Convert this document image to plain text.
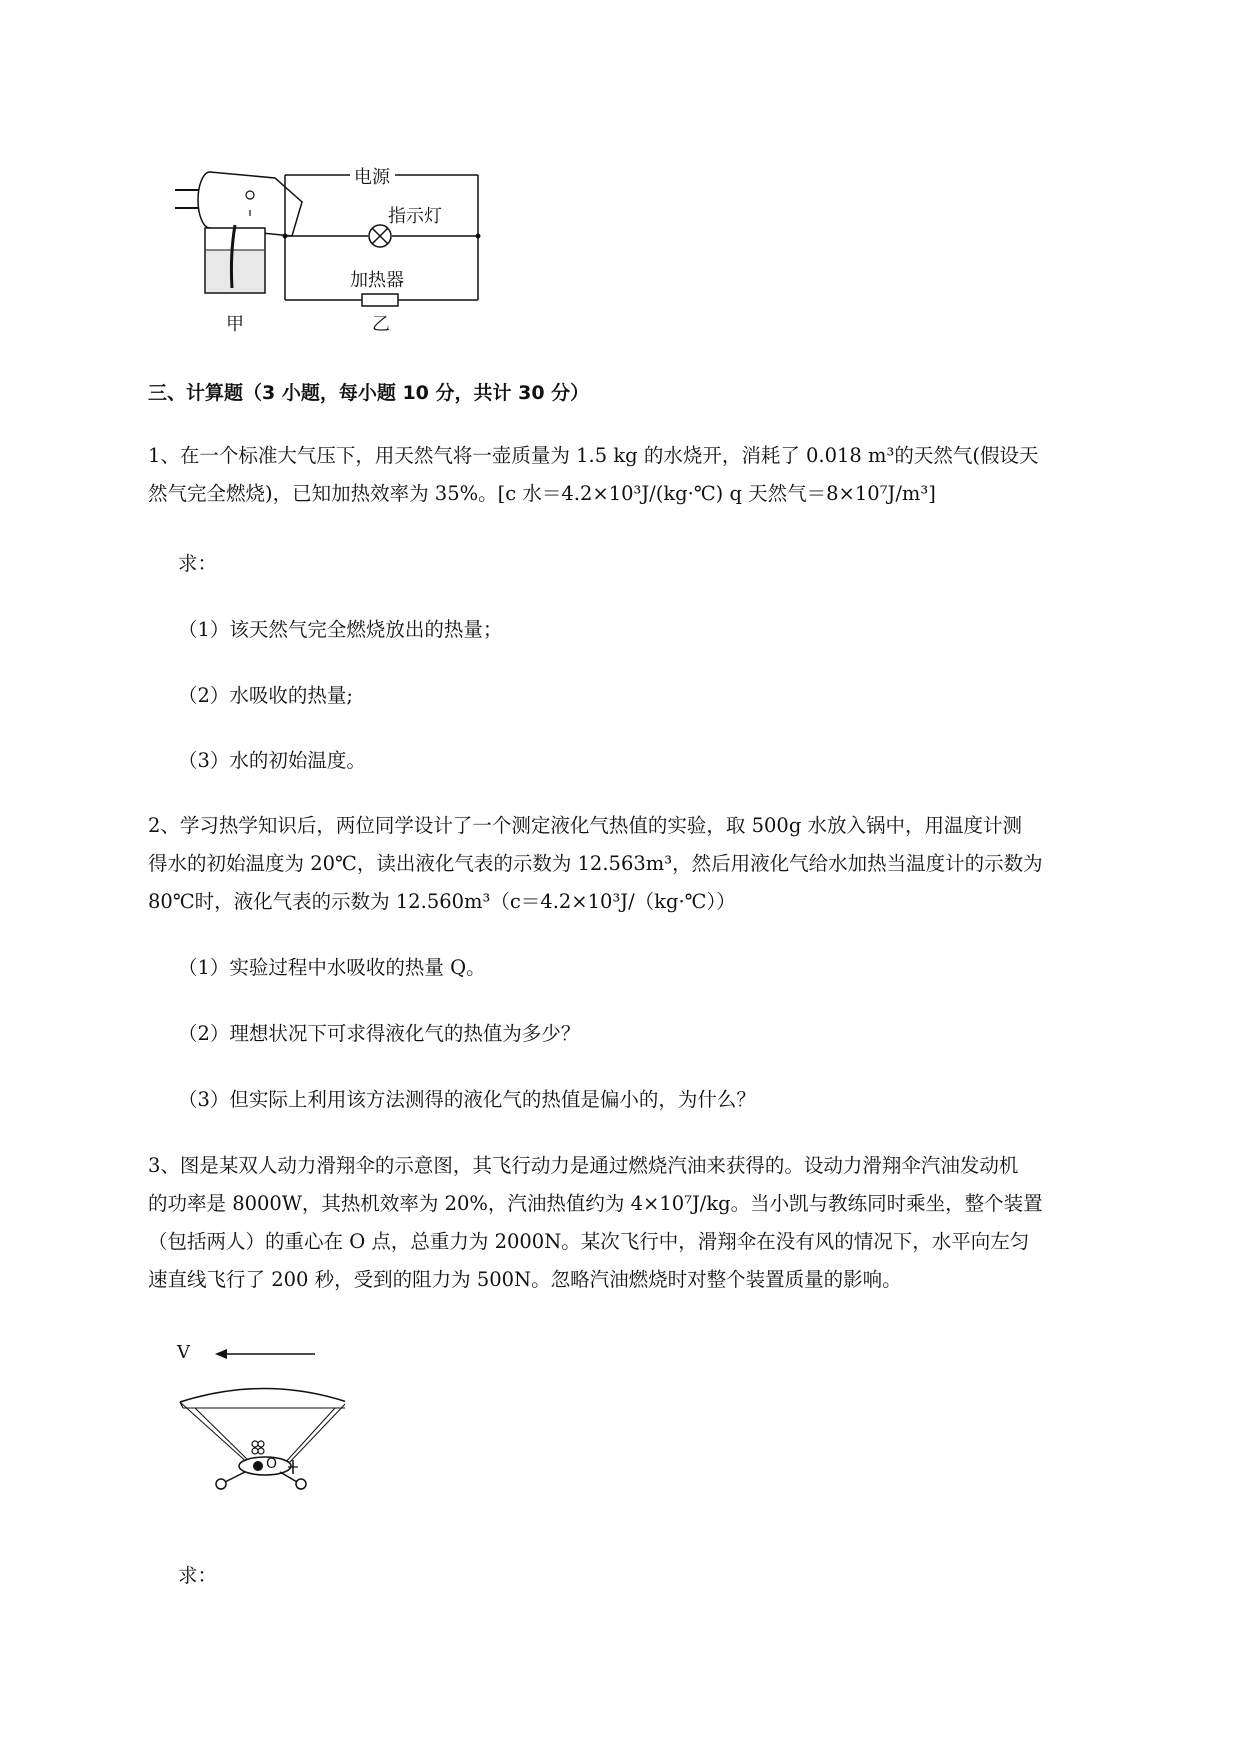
电源
指示灯
加热器
甲	乙
三、计算题（3 小题，每小题 10 分，共计 30 分）
1、在一个标准大气压下，用天然气将一壶质量为 1.5 kg 的水烧开，消耗了 0.018 m³的天然气(假设天
然气完全燃烧)，已知加热效率为 35%。[c 水＝4.2×10³J/(kg·℃) q 天然气＝8×10⁷J/m³]
求：
（1）该天然气完全燃烧放出的热量；
（2）水吸收的热量;
（3）水的初始温度。
2、学习热学知识后，两位同学设计了一个测定液化气热值的实验，取 500g 水放入锅中，用温度计测
得水的初始温度为 20℃，读出液化气表的示数为 12.563m³，然后用液化气给水加热当温度计的示数为
80℃时，液化气表的示数为 12.560m³（c＝4.2×10³J/（kg·℃））
（1）实验过程中水吸收的热量 Q。
（2）理想状况下可求得液化气的热值为多少？
（3）但实际上利用该方法测得的液化气的热值是偏小的，为什么？
3、图是某双人动力滑翔伞的示意图，其飞行动力是通过燃烧汽油来获得的。设动力滑翔伞汽油发动机
的功率是 8000W，其热机效率为 20%，汽油热值约为 4×10⁷J/kg。当小凯与教练同时乘坐，整个装置
（包括两人）的重心在 O 点，总重力为 2000N。某次飞行中，滑翔伞在没有风的情况下，水平向左匀
速直线飞行了 200 秒，受到的阻力为 500N。忽略汽油燃烧时对整个装置质量的影响。
V
O
求：
